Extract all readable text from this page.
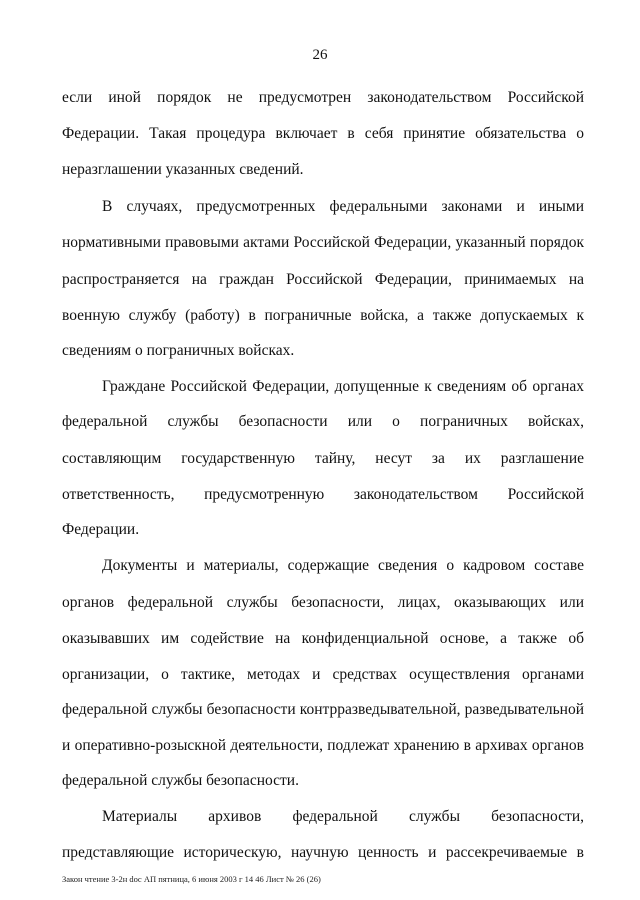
26
если иной порядок не предусмотрен законодательством Российской
Федерации. Такая процедура включает в себя принятие обязательства о
неразглашении указанных сведений.
В случаях, предусмотренных федеральными законами и иными
нормативными правовыми актами Российской Федерации, указанный порядок
распространяется на граждан Российской Федерации, принимаемых на
военную службу (работу) в пограничные войска, а также допускаемых к
сведениям о пограничных войсках.
Граждане Российской Федерации, допущенные к сведениям об органах
федеральной службы безопасности или о пограничных войсках,
составляющим государственную тайну, несут за их разглашение
ответственность, предусмотренную законодательством Российской
Федерации.
Документы и материалы, содержащие сведения о кадровом составе
органов федеральной службы безопасности, лицах, оказывающих или
оказывавших им содействие на конфиденциальной основе, а также об
организации, о тактике, методах и средствах осуществления органами
федеральной службы безопасности контрразведывательной, разведывательной
и оперативно-розыскной деятельности, подлежат хранению в архивах органов
федеральной службы безопасности.
Материалы архивов федеральной службы безопасности,
представляющие историческую, научную ценность и рассекречиваемые в
Закон чтение 3-2н doc АП пятница, 6 июня 2003 г 14 46 Лист № 26 (26)
